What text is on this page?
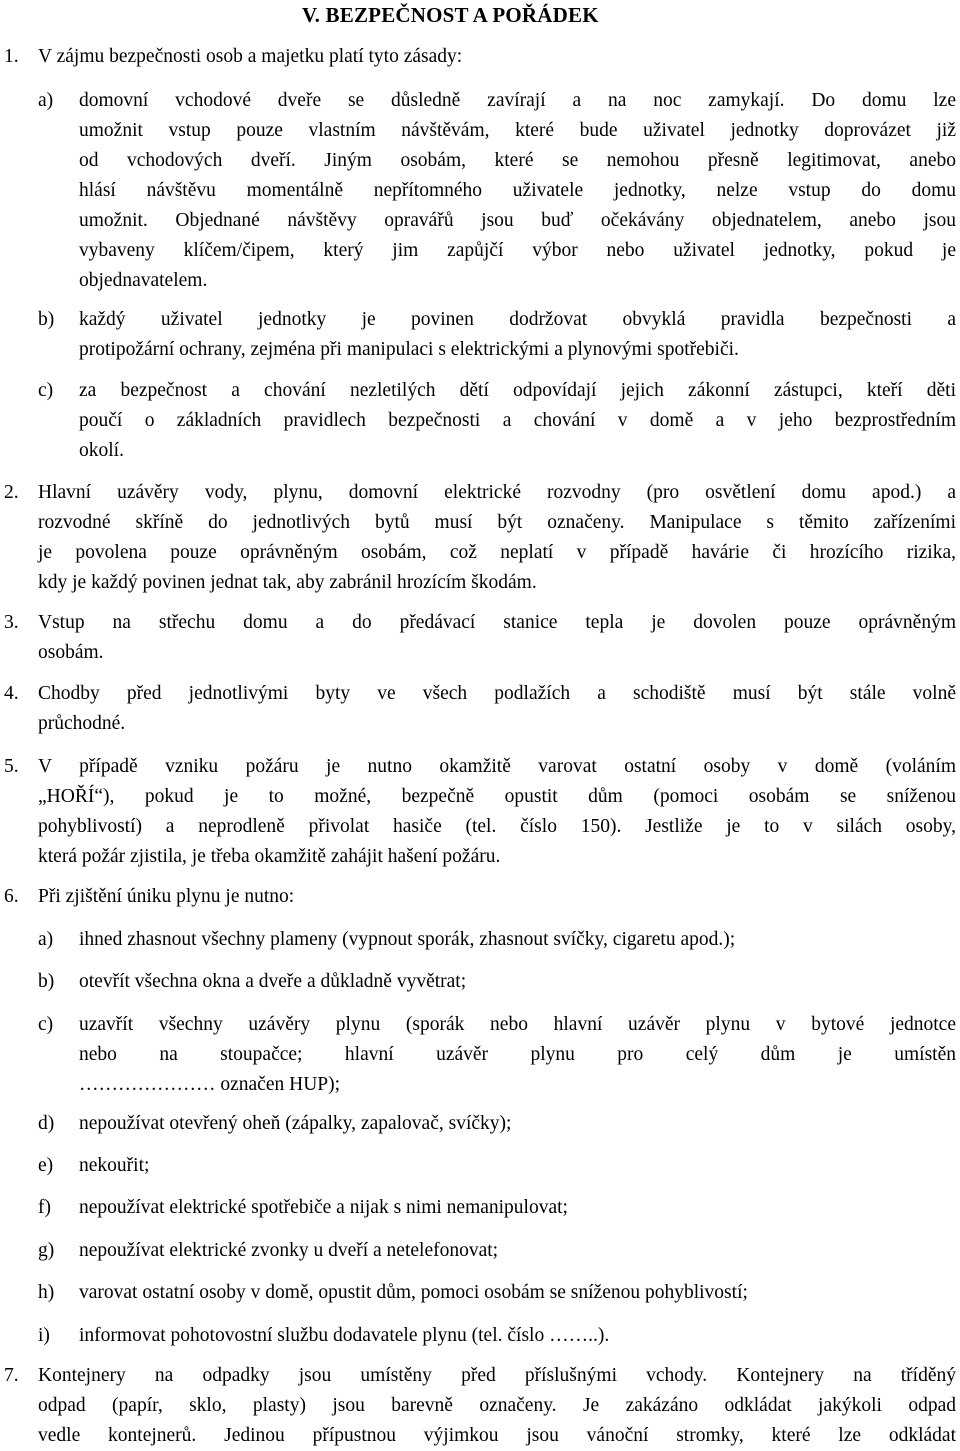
V. BEZPEČNOST A POŘÁDEK
1. V zájmu bezpečnosti osob a majetku platí tyto zásady:
a) domovní vchodové dveře se důsledně zavírají a na noc zamykají. Do domu lze
umožnit vstup pouze vlastním návštěvám, které bude uživatel jednotky doprovázet již
od vchodových dveří. Jiným osobám, které se nemohou přesně legitimovat, anebo
hlásí návštěvu momentálně nepřítomného uživatele jednotky, nelze vstup do domu
umožnit. Objednané návštěvy opravářů jsou buď očekávány objednatelem, anebo jsou
vybaveny klíčem/čipem, který jim zapůjčí výbor nebo uživatel jednotky, pokud je
objednavatelem.
b) každý uživatel jednotky je povinen dodržovat obvyklá pravidla bezpečnosti a
protipožární ochrany, zejména při manipulaci s elektrickými a plynovými spotřebiči.
c) za bezpečnost a chování nezletilých dětí odpovídají jejich zákonní zástupci, kteří děti
poučí o základních pravidlech bezpečnosti a chování v domě a v jeho bezprostředním
okolí.
2. Hlavní uzávěry vody, plynu, domovní elektrické rozvodny (pro osvětlení domu apod.) a
rozvodné skříně do jednotlivých bytů musí být označeny. Manipulace s těmito zařízeními
je povolena pouze oprávněným osobám, což neplatí v případě havárie či hrozícího rizika,
kdy je každý povinen jednat tak, aby zabránil hrozícím škodám.
3. Vstup na střechu domu a do předávací stanice tepla je dovolen pouze oprávněným
osobám.
4. Chodby před jednotlivými byty ve všech podlažích a schodiště musí být stále volně
průchodné.
5. V případě vzniku požáru je nutno okamžitě varovat ostatní osoby v domě (voláním
„HOŘÍ“), pokud je to možné, bezpečně opustit dům (pomoci osobám se sníženou
pohyblivostí) a neprodleně přivolat hasiče (tel. číslo 150). Jestliže je to v silách osoby,
která požár zjistila, je třeba okamžitě zahájit hašení požáru.
6. Při zjištění úniku plynu je nutno:
a) ihned zhasnout všechny plameny (vypnout sporák, zhasnout svíčky, cigaretu apod.);
b) otevřít všechna okna a dveře a důkladně vyvětrat;
c) uzavřít všechny uzávěry plynu (sporák nebo hlavní uzávěr plynu v bytové jednotce
nebo na stoupačce; hlavní uzávěr plynu pro celý dům je umístěn
………………… označen HUP);
d) nepoužívat otevřený oheň (zápalky, zapalovač, svíčky);
e) nekouřit;
f) nepoužívat elektrické spotřebiče a nijak s nimi nemanipulovat;
g) nepoužívat elektrické zvonky u dveří a netelefonovat;
h) varovat ostatní osoby v domě, opustit dům, pomoci osobám se sníženou pohyblivostí;
i) informovat pohotovostní službu dodavatele plynu (tel. číslo ……..).
7. Kontejnery na odpadky jsou umístěny před příslušnými vchody. Kontejnery na tříděný
odpad (papír, sklo, plasty) jsou barevně označeny. Je zakázáno odkládat jakýkoli odpad
vedle kontejnerů. Jedinou přípustnou výjimkou jsou vánoční stromky, které lze odkládat
